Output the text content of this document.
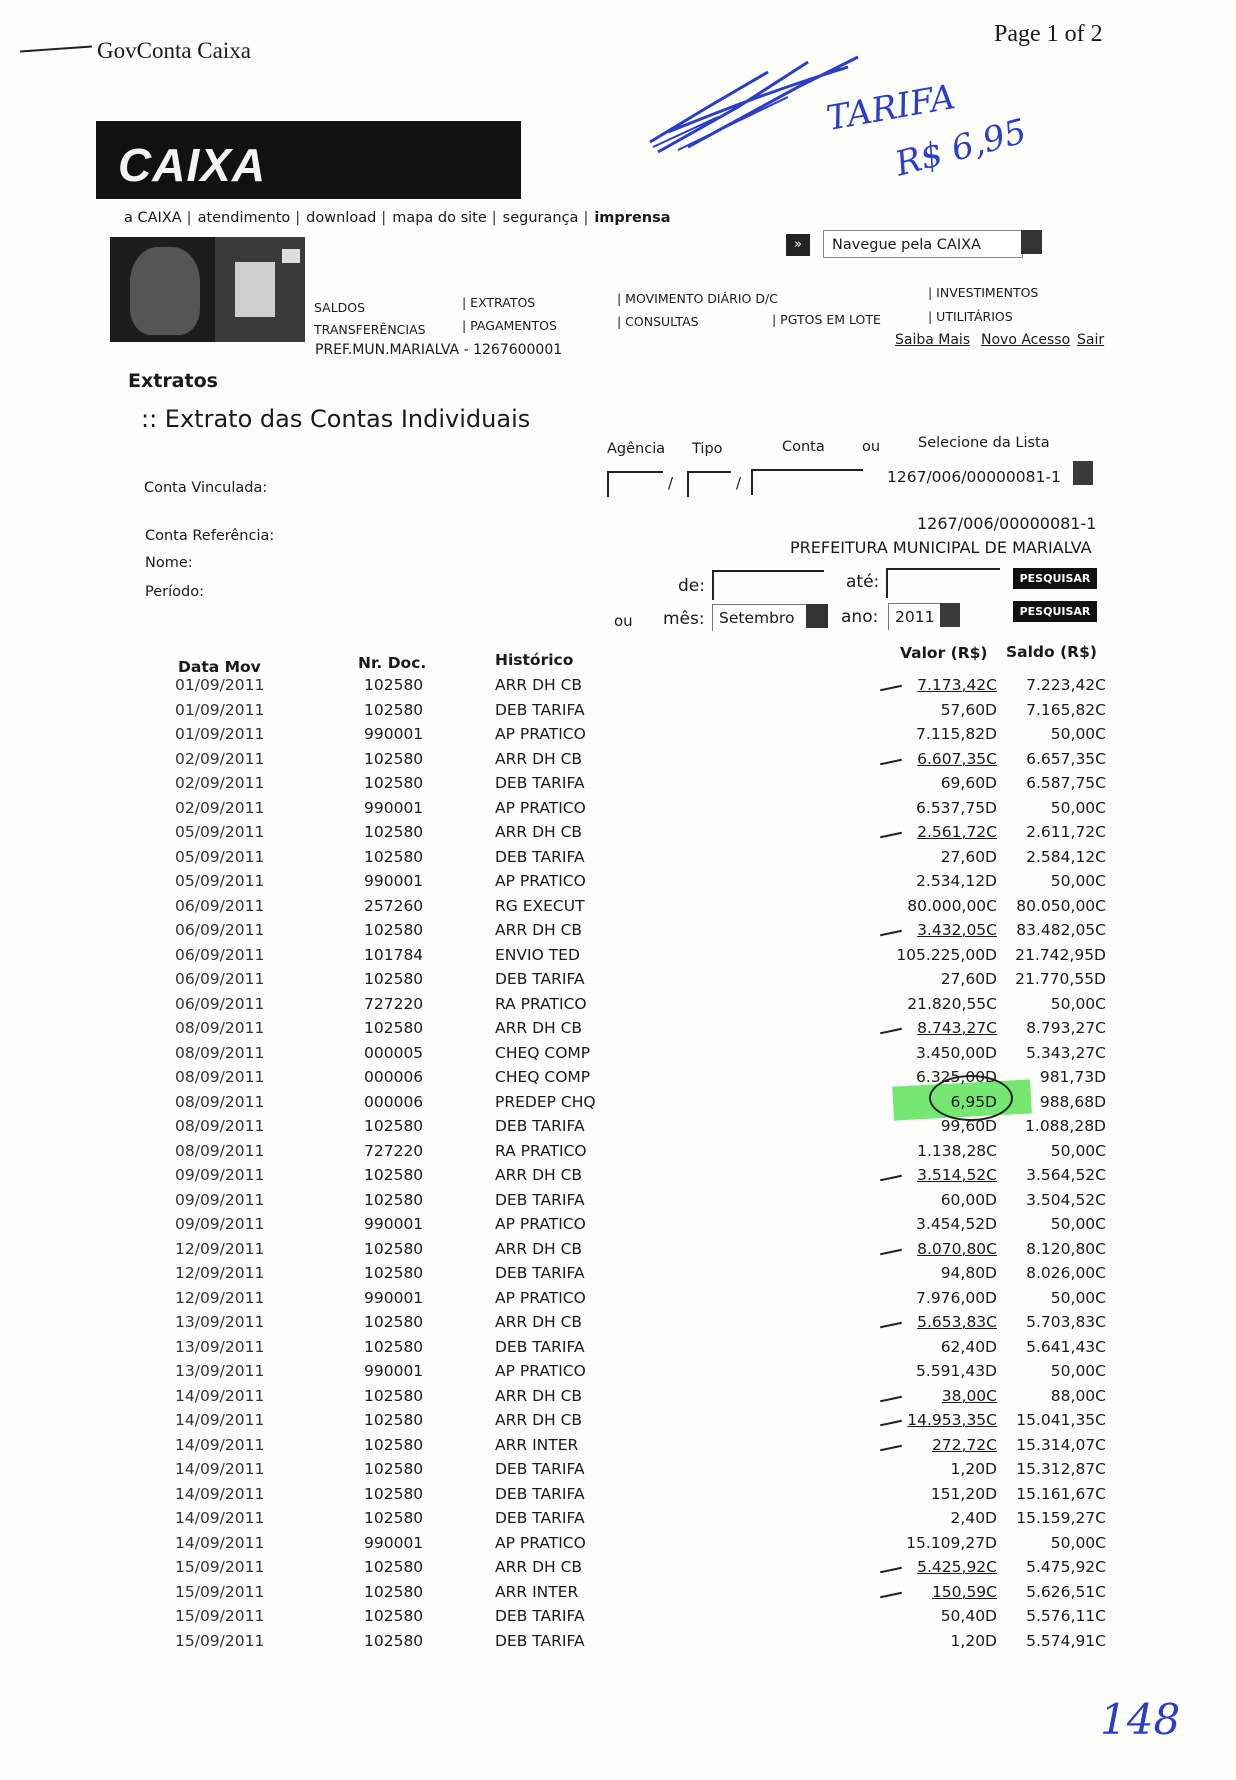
GovConta Caixa
Page 1 of 2
CAIXA
a CAIXA | atendimento | download | mapa do site | segurança | imprensa
»	Navegue pela CAIXA
SALDOS
TRANSFERÊNCIAS
| EXTRATOS
| PAGAMENTOS
| MOVIMENTO DIÁRIO D/C
| CONSULTAS	| PGTOS EM LOTE
| INVESTIMENTOS
| UTILITÁRIOS
PREF.MUN.MARIALVA - 1267600001
Saiba Mais Novo Acesso Sair
Extratos
:: Extrato das Contas Individuais
Agência Tipo	Conta	ou	Selecione da Lista
/	/	1267/006/00000081-1
Conta Vinculada:
Conta Referência:
Nome:
Período:
1267/006/00000081-1
PREFEITURA MUNICIPAL DE MARIALVA
de:	até:	PESQUISAR
PESQUISAR
ou mês: Setembro	ano:	2011
Data Mov	Nr. Doc.	Histórico	Valor (R$) Saldo (R$)
01/09/2011	102580	ARR DH CB	7.173,42C 7.223,42C
01/09/2011	102580	DEB TARIFA	57,60D 7.165,82C
01/09/2011	990001	AP PRATICO	7.115,82D	50,00C
02/09/2011	102580	ARR DH CB	6.607,35C 6.657,35C
02/09/2011	102580	DEB TARIFA	69,60D 6.587,75C
02/09/2011	990001	AP PRATICO	6.537,75D	50,00C
05/09/2011	102580	ARR DH CB	2.561,72C 2.611,72C
05/09/2011	102580	DEB TARIFA	27,60D 2.584,12C
05/09/2011	990001	AP PRATICO	2.534,12D	50,00C
06/09/2011	257260	RG EXECUT	80.000,00C 80.050,00C
06/09/2011	102580	ARR DH CB	3.432,05C 83.482,05C
06/09/2011	101784	ENVIO TED	105.225,00D 21.742,95D
06/09/2011	102580	DEB TARIFA	27,60D 21.770,55D
06/09/2011	727220	RA PRATICO	21.820,55C	50,00C
08/09/2011	102580	ARR DH CB	8.743,27C 8.793,27C
08/09/2011	000005	CHEQ COMP	3.450,00D 5.343,27C
08/09/2011	000006	CHEQ COMP	6.325,00D	981,73D
08/09/2011	000006	PREDEP CHQ	6,95D	988,68D
08/09/2011	102580	DEB TARIFA	99,60D 1.088,28D
08/09/2011	727220	RA PRATICO	1.138,28C	50,00C
09/09/2011	102580	ARR DH CB	3.514,52C 3.564,52C
09/09/2011	102580	DEB TARIFA	60,00D 3.504,52C
09/09/2011	990001	AP PRATICO	3.454,52D	50,00C
12/09/2011	102580	ARR DH CB	8.070,80C 8.120,80C
12/09/2011	102580	DEB TARIFA	94,80D 8.026,00C
12/09/2011	990001	AP PRATICO	7.976,00D	50,00C
13/09/2011	102580	ARR DH CB	5.653,83C 5.703,83C
13/09/2011	102580	DEB TARIFA	62,40D 5.641,43C
13/09/2011	990001	AP PRATICO	5.591,43D	50,00C
14/09/2011	102580	ARR DH CB	38,00C	88,00C
14/09/2011	102580	ARR DH CB	14.953,35C 15.041,35C
14/09/2011	102580	ARR INTER	272,72C 15.314,07C
14/09/2011	102580	DEB TARIFA	1,20D 15.312,87C
14/09/2011	102580	DEB TARIFA	151,20D 15.161,67C
14/09/2011	102580	DEB TARIFA	2,40D 15.159,27C
14/09/2011	990001	AP PRATICO	15.109,27D	50,00C
15/09/2011	102580	ARR DH CB	5.425,92C 5.475,92C
15/09/2011	102580	ARR INTER	150,59C 5.626,51C
15/09/2011	102580	DEB TARIFA	50,40D 5.576,11C
15/09/2011	102580	DEB TARIFA	1,20D 5.574,91C
TARIFA
R$ 6,95
148
